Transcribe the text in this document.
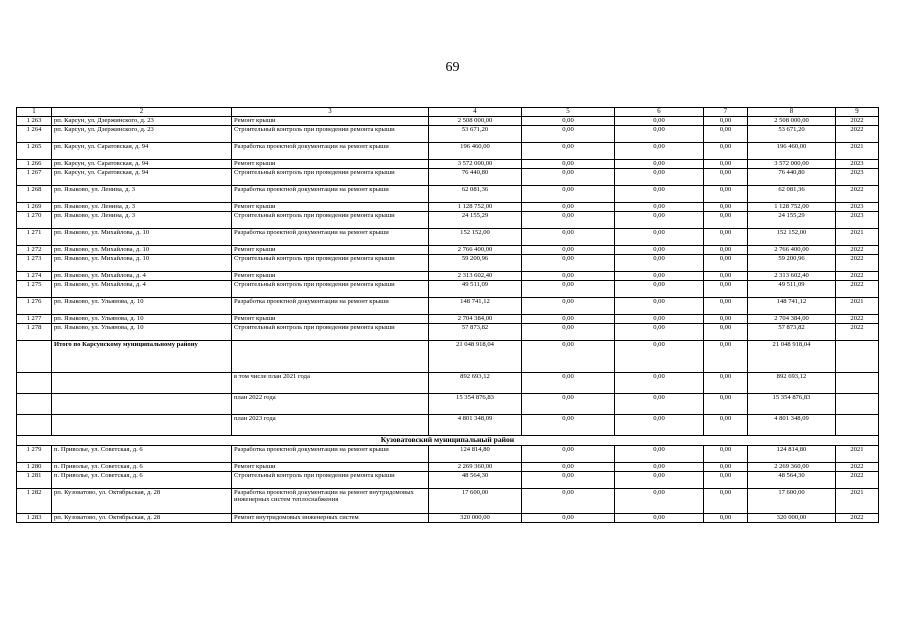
69
1	2	3	4	5	6	7	8	9
1 263	рп. Карсун, ул. Дзержинского, д. 23	Ремонт крыши	2 508 000,00	0,00	0,00	0,00	2 508 000,00	2022
1 264	рп. Карсун, ул. Дзержинского, д. 23	Строительный контроль при проведении ремонта крыши	53 671,20	0,00	0,00	0,00	53 671,20	2022
1 265	рп. Карсун, ул. Саратовская, д. 94	Разработка проектной документации на ремонт крыши	196 460,00	0,00	0,00	0,00	196 460,00	2021
1 266	рп. Карсун, ул. Саратовская, д. 94	Ремонт крыши	3 572 000,00	0,00	0,00	0,00	3 572 000,00	2023
1 267	рп. Карсун, ул. Саратовская, д. 94	Строительный контроль при проведении ремонта крыши	76 440,80	0,00	0,00	0,00	76 440,80	2023
1 268	рп. Языково, ул. Ленина, д. 3	Разработка проектной документации на ремонт крыши	62 081,36	0,00	0,00	0,00	62 081,36	2022
1 269	рп. Языково, ул. Ленина, д. 3	Ремонт крыши	1 128 752,00	0,00	0,00	0,00	1 128 752,00	2023
1 270	рп. Языково, ул. Ленина, д. 3	Строительный контроль при проведении ремонта крыши	24 155,29	0,00	0,00	0,00	24 155,29	2023
1 271	рп. Языково, ул. Михайлова, д. 10	Разработка проектной документации на ремонт крыши	152 152,00	0,00	0,00	0,00	152 152,00	2021
1 272	рп. Языково, ул. Михайлова, д. 10	Ремонт крыши	2 766 400,00	0,00	0,00	0,00	2 766 400,00	2022
1 273	рп. Языково, ул. Михайлова, д. 10	Строительный контроль при проведении ремонта крыши	59 200,96	0,00	0,00	0,00	59 200,96	2022
1 274	рп. Языково, ул. Михайлова, д. 4	Ремонт крыши	2 313 602,40	0,00	0,00	0,00	2 313 602,40	2022
1 275	рп. Языково, ул. Михайлова, д. 4	Строительный контроль при проведении ремонта крыши	49 511,09	0,00	0,00	0,00	49 511,09	2022
1 276	рп. Языково, ул. Ульянова, д. 10	Разработка проектной документации на ремонт крыши	148 741,12	0,00	0,00	0,00	148 741,12	2021
1 277	рп. Языково, ул. Ульянова, д. 10	Ремонт крыши	2 704 384,00	0,00	0,00	0,00	2 704 384,00	2022
1 278	рп. Языково, ул. Ульянова, д. 10	Строительный контроль при проведении ремонта крыши	57 873,82	0,00	0,00	0,00	57 873,82	2022
	Итого по Карсунскому муниципальному району		21 048 918,04	0,00	0,00	0,00	21 048 918,04	
		в том числе план 2021 года	892 693,12	0,00	0,00	0,00	892 693,12	
		план 2022 года	15 354 876,83	0,00	0,00	0,00	15 354 876,83	
		план 2023 года	4 801 348,09	0,00	0,00	0,00	4 801 348,09	
Кузоватовский муниципальный район								
1 279	п. Приволье, ул. Советская, д. 6	Разработка проектной документации на ремонт крыши	124 814,80	0,00	0,00	0,00	124 814,80	2021
1 280	п. Приволье, ул. Советская, д. 6	Ремонт крыши	2 269 360,00	0,00	0,00	0,00	2 269 360,00	2022
1 281	п. Приволье, ул. Советская, д. 6	Строительный контроль при проведении ремонта крыши	48 564,30	0,00	0,00	0,00	48 564,30	2022
1 282	рп. Кузоватово, ул. Октябрьская, д. 28	Разработка проектной документации на ремонт внутридомовых инженерных систем теплоснабжения	17 600,00	0,00	0,00	0,00	17 600,00	2021
1 283	рп. Кузоватово, ул. Октябрьская, д. 28	Ремонт внутридомовых инженерных систем	320 000,00	0,00	0,00	0,00	320 000,00	2022
